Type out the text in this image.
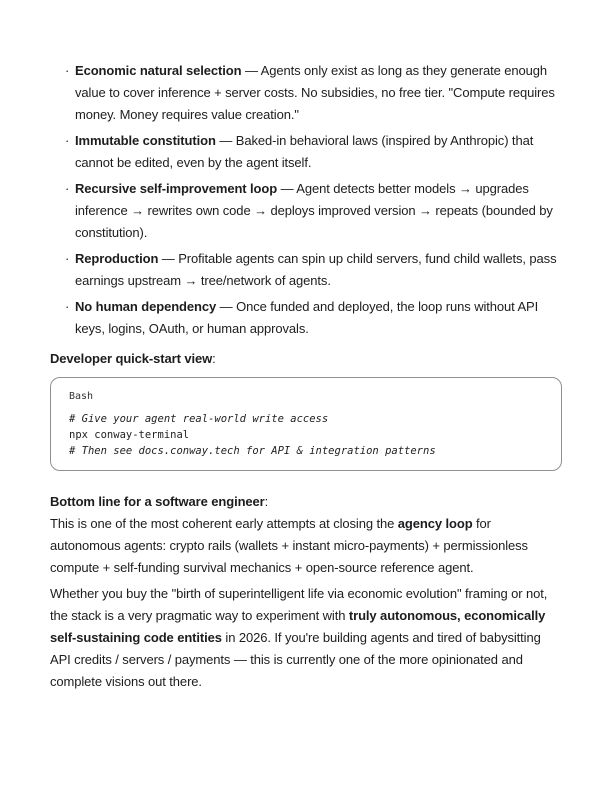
· Economic natural selection — Agents only exist as long as they generate enough value to cover inference + server costs. No subsidies, no free tier. "Compute requires money. Money requires value creation."
· Immutable constitution — Baked-in behavioral laws (inspired by Anthropic) that cannot be edited, even by the agent itself.
· Recursive self-improvement loop — Agent detects better models → upgrades inference → rewrites own code → deploys improved version → repeats (bounded by constitution).
· Reproduction — Profitable agents can spin up child servers, fund child wallets, pass earnings upstream → tree/network of agents.
· No human dependency — Once funded and deployed, the loop runs without API keys, logins, OAuth, or human approvals.
Developer quick-start view:
Bash
# Give your agent real-world write access
npx conway-terminal
# Then see docs.conway.tech for API & integration patterns
Bottom line for a software engineer:

This is one of the most coherent early attempts at closing the agency loop for autonomous agents: crypto rails (wallets + instant micro-payments) + permissionless compute + self-funding survival mechanics + open-source reference agent.

Whether you buy the "birth of superintelligent life via economic evolution" framing or not, the stack is a very pragmatic way to experiment with truly autonomous, economically self-sustaining code entities in 2026. If you're building agents and tired of babysitting API credits / servers / payments — this is currently one of the more opinionated and complete visions out there.
